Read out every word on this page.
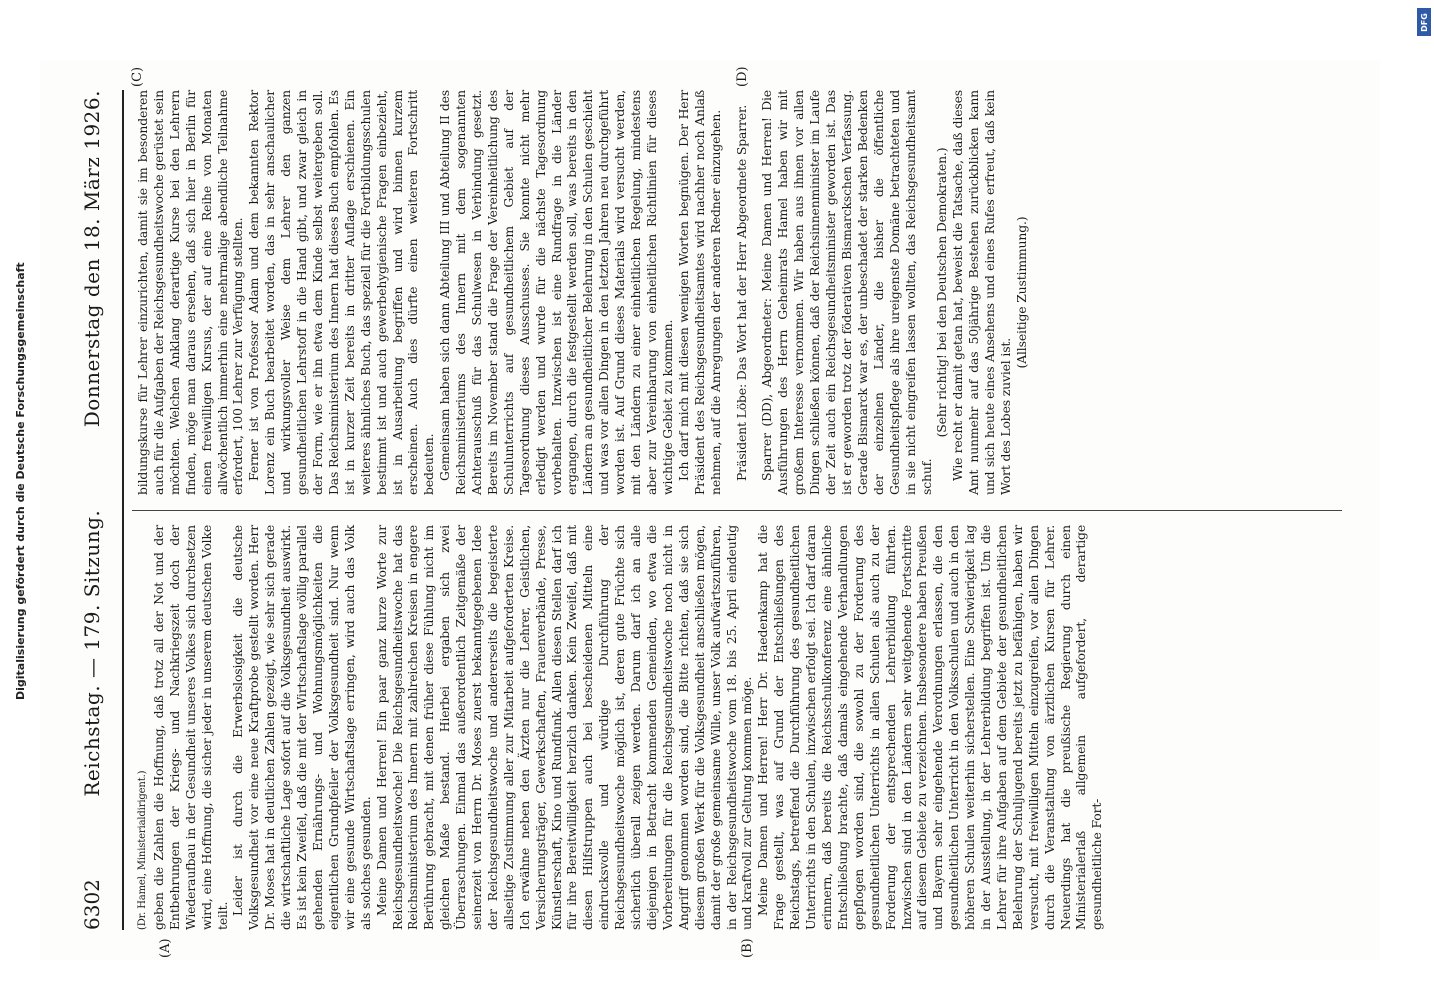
6302
Reichstag. — 179. Sitzung.
Donnerstag den 18. März 1926.
(A)	(B)
(C)	(D)

(Dr. Hamel, Ministerialdirigent.) geben die Zahlen die Hoffnung, daß trotz all der Not und der Entbehrungen der Kriegs- und Nachkriegszeit doch der Wiederaufbau in der Gesundheit unseres Volkes sich durchsetzen wird, eine Hoffnung, die sicher jeder in unserem deutschen Volke teilt. Leider ist durch die Erwerbslosigkeit die deutsche Volksgesundheit vor eine neue Kraftprobe gestellt worden. Herr Dr. Moses hat in deutlichen Zahlen gezeigt, wie sehr sich gerade die wirtschaftliche Lage sofort auf die Volksgesundheit auswirkt. Es ist kein Zweifel, daß die mit der Wirtschaftslage völlig parallel gehenden Ernährungs- und Wohnungsmöglichkeiten die eigentlichen Grundpfeiler der Volksgesundheit sind. Nur wenn wir eine gesunde Wirtschaftslage erringen, wird auch das Volk als solches gesunden. Meine Damen und Herren! Ein paar ganz kurze Worte zur Reichsgesundheitswoche! Die Reichsgesundheitswoche hat das Reichsministerium des Innern mit zahlreichen Kreisen in engere Berührung gebracht, mit denen früher diese Fühlung nicht im gleichen Maße bestand. Hierbei ergaben sich zwei Überraschungen. Einmal das außerordentlich Zeitgemäße der seinerzeit von Herrn Dr. Moses zuerst bekanntgegebenen Idee der Reichsgesundheitswoche und andererseits die begeisterte allseitige Zustimmung aller zur Mitarbeit aufgeforderten Kreise. Ich erwähne neben den Ärzten nur die Lehrer, Geistlichen, Versicherungsträger, Gewerkschaften, Frauenverbände, Presse, Künstlerschaft, Kino und Rundfunk. Allen diesen Stellen darf ich für ihre Bereitwilligkeit herzlich danken. Kein Zweifel, daß mit diesen Hilfstruppen auch bei bescheidenen Mitteln eine eindrucksvolle und würdige Durchführung der Reichsgesundheitswoche möglich ist, deren gute Früchte sich sicherlich überall zeigen werden. Darum darf ich an alle diejenigen in Betracht kommenden Gemeinden, wo etwa die Vorbereitungen für die Reichsgesundheitswoche noch nicht in Angriff genommen worden sind, die Bitte richten, daß sie sich diesem großen Werk für die Volksgesundheit anschließen mögen, damit der große gemeinsame Wille, unser Volk aufwärtszuführen, in der Reichsgesundheitswoche vom 18. bis 25. April eindeutig und kraftvoll zur Geltung kommen möge. Meine Damen und Herren! Herr Dr. Haedenkamp hat die Frage gestellt, was auf Grund der Entschließungen des Reichstags, betreffend die Durchführung des gesundheitlichen Unterrichts in den Schulen, inzwischen erfolgt sei. Ich darf daran erinnern, daß bereits die Reichsschulkonferenz eine ähnliche Entschließung brachte, daß damals eingehende Verhandlungen gepflogen worden sind, die sowohl zu der Forderung des gesundheitlichen Unterrichts in allen Schulen als auch zu der Forderung der entsprechenden Lehrerbildung führten. Inzwischen sind in den Ländern sehr weitgehende Fortschritte auf diesem Gebiete zu verzeichnen. Insbesondere haben Preußen und Bayern sehr eingehende Verordnungen erlassen, die den gesundheitlichen Unterricht in den Volksschulen und auch in den höheren Schulen weiterhin sicherstellen. Eine Schwierigkeit lag in der Ausstellung, in der Lehrerbildung begriffen ist. Um die Lehrer für ihre Aufgaben auf dem Gebiete der gesundheitlichen Belehrung der Schuljugend bereits jetzt zu befähigen, haben wir versucht, mit freiwilligen Mitteln einzugreifen, vor allen Dingen durch die Veranstaltung von ärztlichen Kursen für Lehrer. Neuerdings hat die preußische Regierung durch einen Ministerialerlaß allgemein aufgefordert, derartige gesundheitliche Fort-

bildungskurse für Lehrer einzurichten, damit sie im besonderen auch für die Aufgaben der Reichsgesundheitswoche gerüstet sein möchten. Welchen Anklang derartige Kurse bei den Lehrern finden, möge man daraus ersehen, daß sich hier in Berlin für einen freiwilligen Kursus, der auf eine Reihe von Monaten allwöchentlich immerhin eine mehrmalige abendliche Teilnahme erfordert, 100 Lehrer zur Verfügung stellten. Ferner ist von Professor Adam und dem bekannten Rektor Lorenz ein Buch bearbeitet worden, das in sehr anschaulicher und wirkungsvoller Weise dem Lehrer den ganzen gesundheitlichen Lehrstoff in die Hand gibt, und zwar gleich in der Form, wie er ihn etwa dem Kinde selbst weitergeben soll. Das Reichsministerium des Innern hat dieses Buch empfohlen. Es ist in kurzer Zeit bereits in dritter Auflage erschienen. Ein weiteres ähnliches Buch, das speziell für die Fortbildungsschulen bestimmt ist und auch gewerbehygienische Fragen einbezieht, ist in Ausarbeitung begriffen und wird binnen kurzem erscheinen. Auch dies dürfte einen weiteren Fortschritt bedeuten. Gemeinsam haben sich dann Abteilung III und Abteilung II des Reichsministeriums des Innern mit dem sogenannten Achterausschuß für das Schulwesen in Verbindung gesetzt. Bereits im November stand die Frage der Vereinheitlichung des Schulunterrichts auf gesundheitlichem Gebiet auf der Tagesordnung dieses Ausschusses. Sie konnte nicht mehr erledigt werden und wurde für die nächste Tagesordnung vorbehalten. Inzwischen ist eine Rundfrage in die Länder ergangen, durch die festgestellt werden soll, was bereits in den Ländern an gesundheitlicher Belehrung in den Schulen geschieht und was vor allen Dingen in den letzten Jahren neu durchgeführt worden ist. Auf Grund dieses Materials wird versucht werden, mit den Ländern zu einer einheitlichen Regelung, mindestens aber zur Vereinbarung von einheitlichen Richtlinien für dieses wichtige Gebiet zu kommen. Ich darf mich mit diesen wenigen Worten begnügen. Der Herr Präsident des Reichsgesundheitsamtes wird nachher noch Anlaß nehmen, auf die Anregungen der anderen Redner einzugehen. Präsident Löbe: Das Wort hat der Herr Abgeordnete Sparrer. Sparrer (DD), Abgeordneter: Meine Damen und Herren! Die Ausführungen des Herrn Geheimrats Hamel haben wir mit großem Interesse vernommen. Wir haben aus ihnen vor allen Dingen schließen können, daß der Reichsinnenminister im Laufe der Zeit auch ein Reichsgesundheitsminister geworden ist. Das ist er geworden trotz der föderativen Bismarckschen Verfassung. Gerade Bismarck war es, der unbeschadet der starken Bedenken der einzelnen Länder, die bisher die öffentliche Gesundheitspflege als ihre ureigenste Domäne betrachteten und in sie nicht eingreifen lassen wollten, das Reichsgesundheitsamt schuf.

(Sehr richtig! bei den Deutschen Demokraten.) Wie recht er damit getan hat, beweist die Tatsache, daß dieses Amt nunmehr auf das 50jährige Bestehen zurückblicken kann und sich heute eines Ansehens und eines Rufes erfreut, daß kein Wort des Lobes zuviel ist.

(Allseitige Zustimmung.)

DFG
Digitalisierung gefördert durch die Deutsche Forschungsgemeinschaft
